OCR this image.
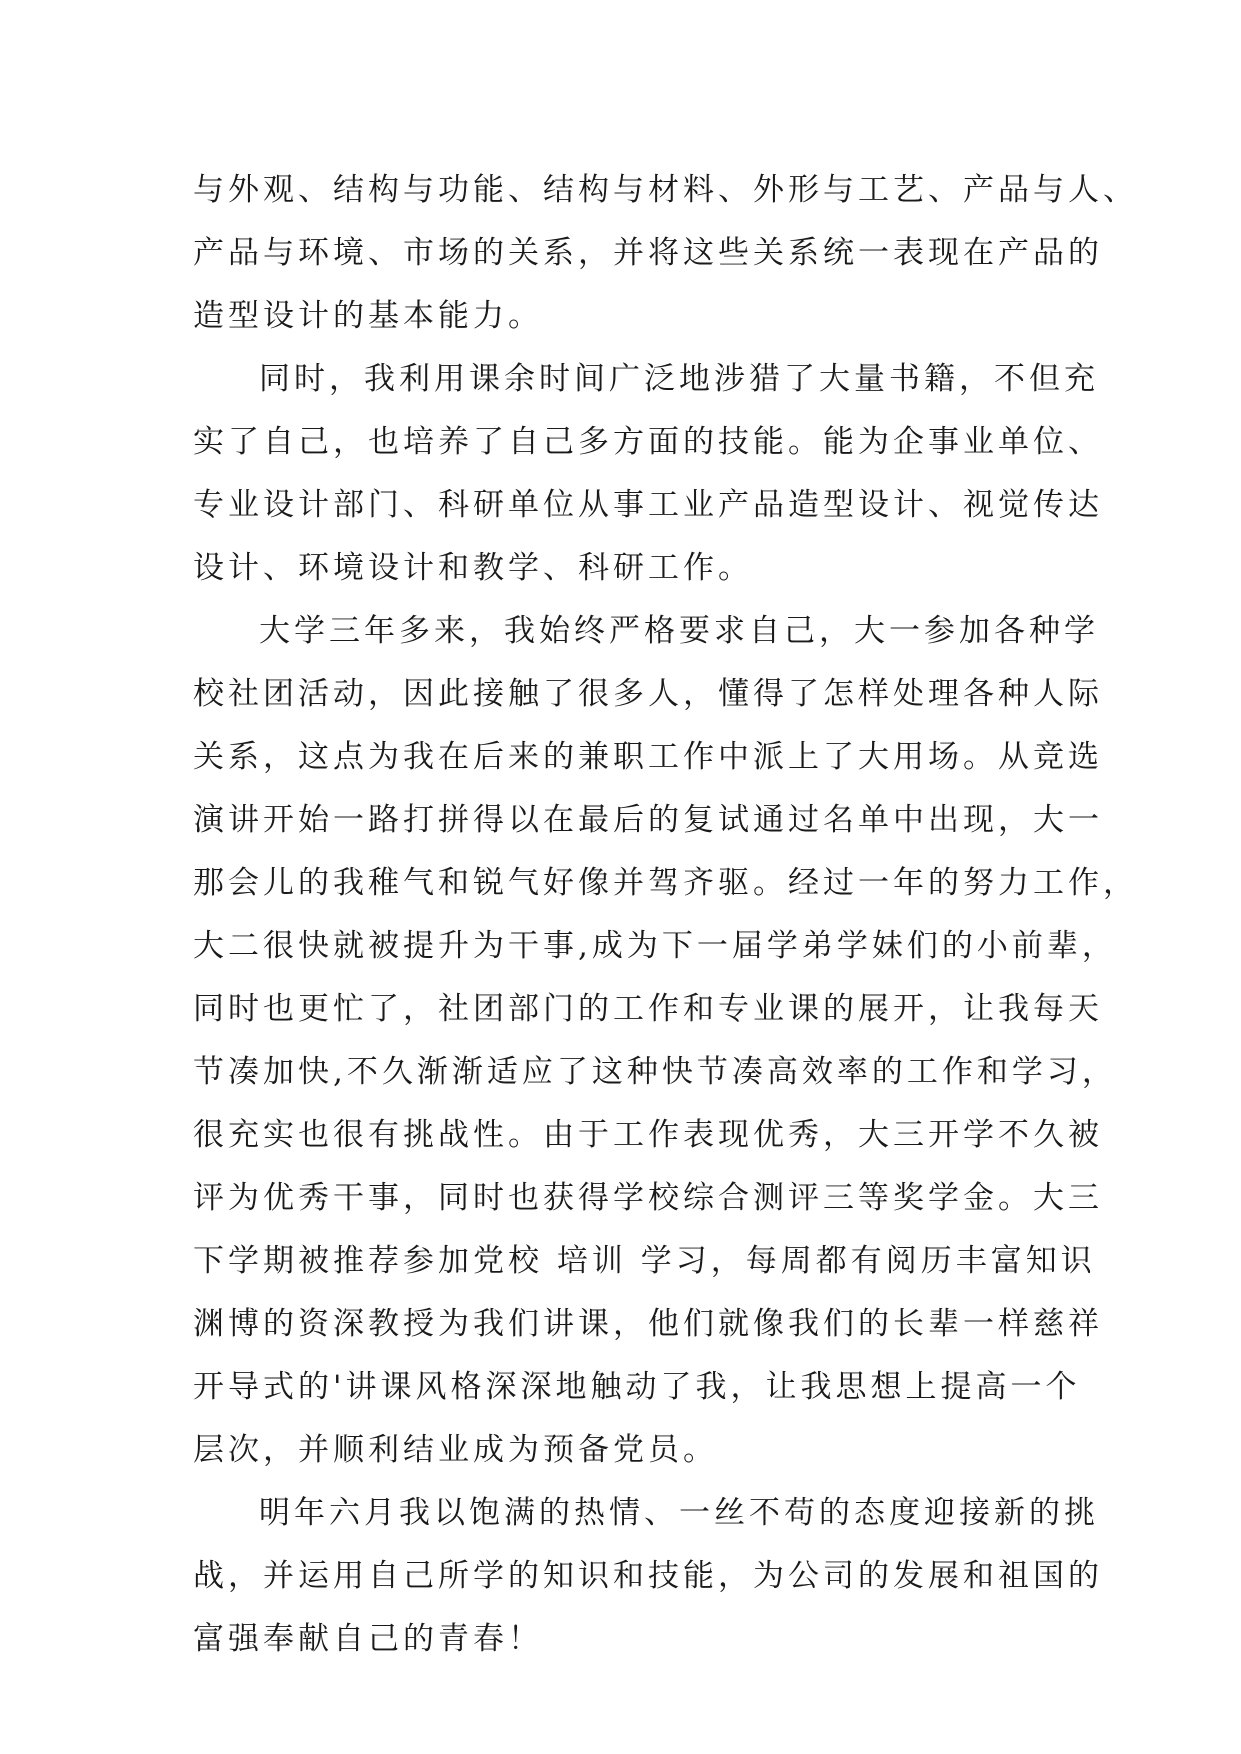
与外观、结构与功能、结构与材料、外形与工艺、产品与人、
产品与环境、市场的关系，并将这些关系统一表现在产品的
造型设计的基本能力。
同时，我利用课余时间广泛地涉猎了大量书籍，不但充
实了自己，也培养了自己多方面的技能。能为企事业单位、
专业设计部门、科研单位从事工业产品造型设计、视觉传达
设计、环境设计和教学、科研工作。
大学三年多来，我始终严格要求自己，大一参加各种学
校社团活动，因此接触了很多人，懂得了怎样处理各种人际
关系，这点为我在后来的兼职工作中派上了大用场。从竞选
演讲开始一路打拼得以在最后的复试通过名单中出现，大一
那会儿的我稚气和锐气好像并驾齐驱。经过一年的努力工作，
大二很快就被提升为干事,成为下一届学弟学妹们的小前辈，
同时也更忙了，社团部门的工作和专业课的展开，让我每天
节凑加快,不久渐渐适应了这种快节凑高效率的工作和学习，
很充实也很有挑战性。由于工作表现优秀，大三开学不久被
评为优秀干事，同时也获得学校综合测评三等奖学金。大三
下学期被推荐参加党校 培训 学习，每周都有阅历丰富知识
渊博的资深教授为我们讲课，他们就像我们的长辈一样慈祥
开导式的'讲课风格深深地触动了我，让我思想上提高一个
层次，并顺利结业成为预备党员。
明年六月我以饱满的热情、一丝不苟的态度迎接新的挑
战，并运用自己所学的知识和技能，为公司的发展和祖国的
富强奉献自己的青春！
